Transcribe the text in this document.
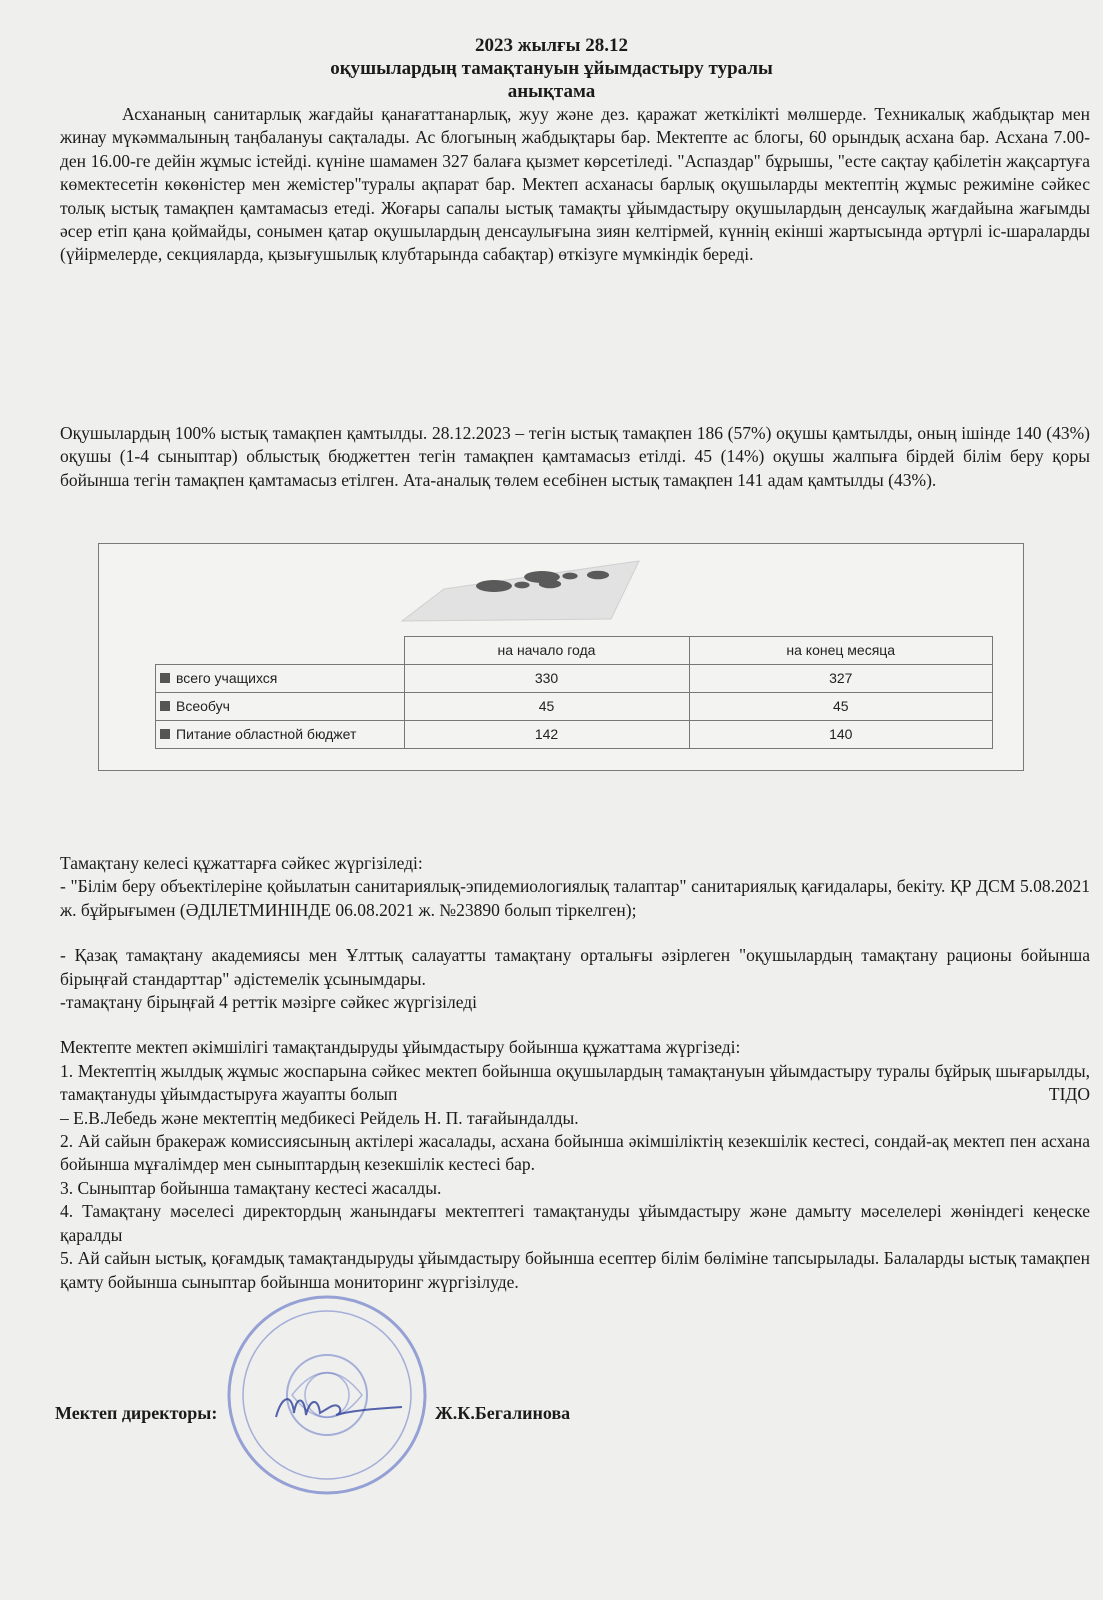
2023 жылғы 28.12
оқушылардың тамақтануын ұйымдастыру туралы
анықтама

Асхананың санитарлық жағдайы қанағаттанарлық, жуу және дез. қаражат жеткілікті мөлшерде. Техникалық жабдықтар мен жинау мүкәммалының таңбалануы сақталады. Ас блогының жабдықтары бар. Мектепте ас блогы, 60 орындық асхана бар. Асхана 7.00-ден 16.00-ге дейін жұмыс істейді. күніне шамамен 327 балаға қызмет көрсетіледі. "Аспаздар" бұрышы, "есте сақтау қабілетін жақсартуға көмектесетін көкөністер мен жемістер"туралы ақпарат бар. Мектеп асханасы барлық оқушыларды мектептің жұмыс режиміне сәйкес толық ыстық тамақпен қамтамасыз етеді. Жоғары сапалы ыстық тамақты ұйымдастыру оқушылардың денсаулық жағдайына жағымды әсер етіп қана қоймайды, сонымен қатар оқушылардың денсаулығына зиян келтірмей, күннің екінші жартысында әртүрлі іс-шараларды (үйірмелерде, секцияларда, қызығушылық клубтарында сабақтар) өткізуге мүмкіндік береді.

Оқушылардың 100% ыстық тамақпен қамтылды. 28.12.2023 – тегін ыстық тамақпен 186 (57%) оқушы қамтылды, оның ішінде 140 (43%) оқушы (1-4 сыныптар) облыстық бюджеттен тегін тамақпен қамтамасыз етілді. 45 (14%) оқушы жалпыға бірдей білім беру қоры бойынша тегін тамақпен қамтамасыз етілген. Ата-аналық төлем есебінен ыстық тамақпен 141 адам қамтылды (43%).

	на начало года	на конец месяца
всего учащихся	330	327
Всеобуч	45	45
Питание областной бюджет	142	140

Тамақтану келесі құжаттарға сәйкес жүргізіледі:

- "Білім беру объектілеріне қойылатын санитариялық-эпидемиологиялық талаптар" санитариялық қағидалары, бекіту. ҚР ДСМ 5.08.2021 ж. бұйрығымен (ӘДІЛЕТМИНІНДЕ 06.08.2021 ж. №23890 болып тіркелген);

- Қазақ тамақтану академиясы мен Ұлттық салауатты тамақтану орталығы әзірлеген "оқушылардың тамақтану рационы бойынша бірыңғай стандарттар" әдістемелік ұсынымдары.

-тамақтану бірыңғай 4 реттік мәзірге сәйкес жүргізіледі

Мектепте мектеп әкімшілігі тамақтандыруды ұйымдастыру бойынша құжаттама жүргізеді:

1. Мектептің жылдық жұмыс жоспарына сәйкес мектеп бойынша оқушылардың тамақтануын ұйымдастыру туралы бұйрық шығарылды, тамақтануды ұйымдастыруға жауапты болып	ТІДО

– Е.В.Лебедь және мектептің медбикесі Рейдель Н. П. тағайындалды.

2. Ай сайын бракераж комиссиясының актілері жасалады, асхана бойынша әкімшіліктің кезекшілік кестесі, сондай-ақ мектеп пен асхана бойынша мұғалімдер мен сыныптардың кезекшілік кестесі бар.

3. Сыныптар бойынша тамақтану кестесі жасалды.

4. Тамақтану мәселесі директордың жанындағы мектептегі тамақтануды ұйымдастыру және дамыту мәселелері жөніндегі кеңеске қаралды

5. Ай сайын ыстық, қоғамдық тамақтандыруды ұйымдастыру бойынша есептер білім бөліміне тапсырылады. Балаларды ыстық тамақпен қамту бойынша сыныптар бойынша мониторинг жүргізілуде.

Мектеп директоры:	Ж.К.Бегалинова
